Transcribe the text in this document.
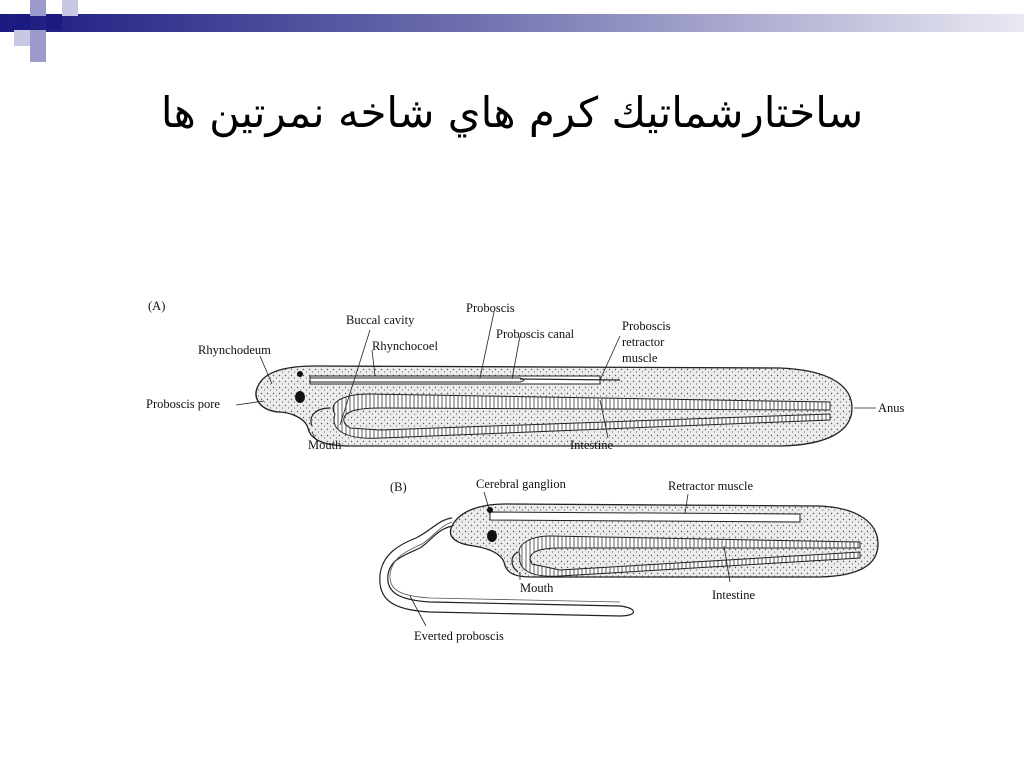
ساختارشماتيك كرم هاي شاخه نمرتين ها
(A)
Buccal cavity
Proboscis
Proboscis canal
Proboscis
retractor
muscle
Rhynchodeum	Rhynchocoel
Proboscis pore	Anus
Mouth	Intestine
(B)	Cerebral ganglion	Retractor muscle
Mouth	Intestine
Everted proboscis
